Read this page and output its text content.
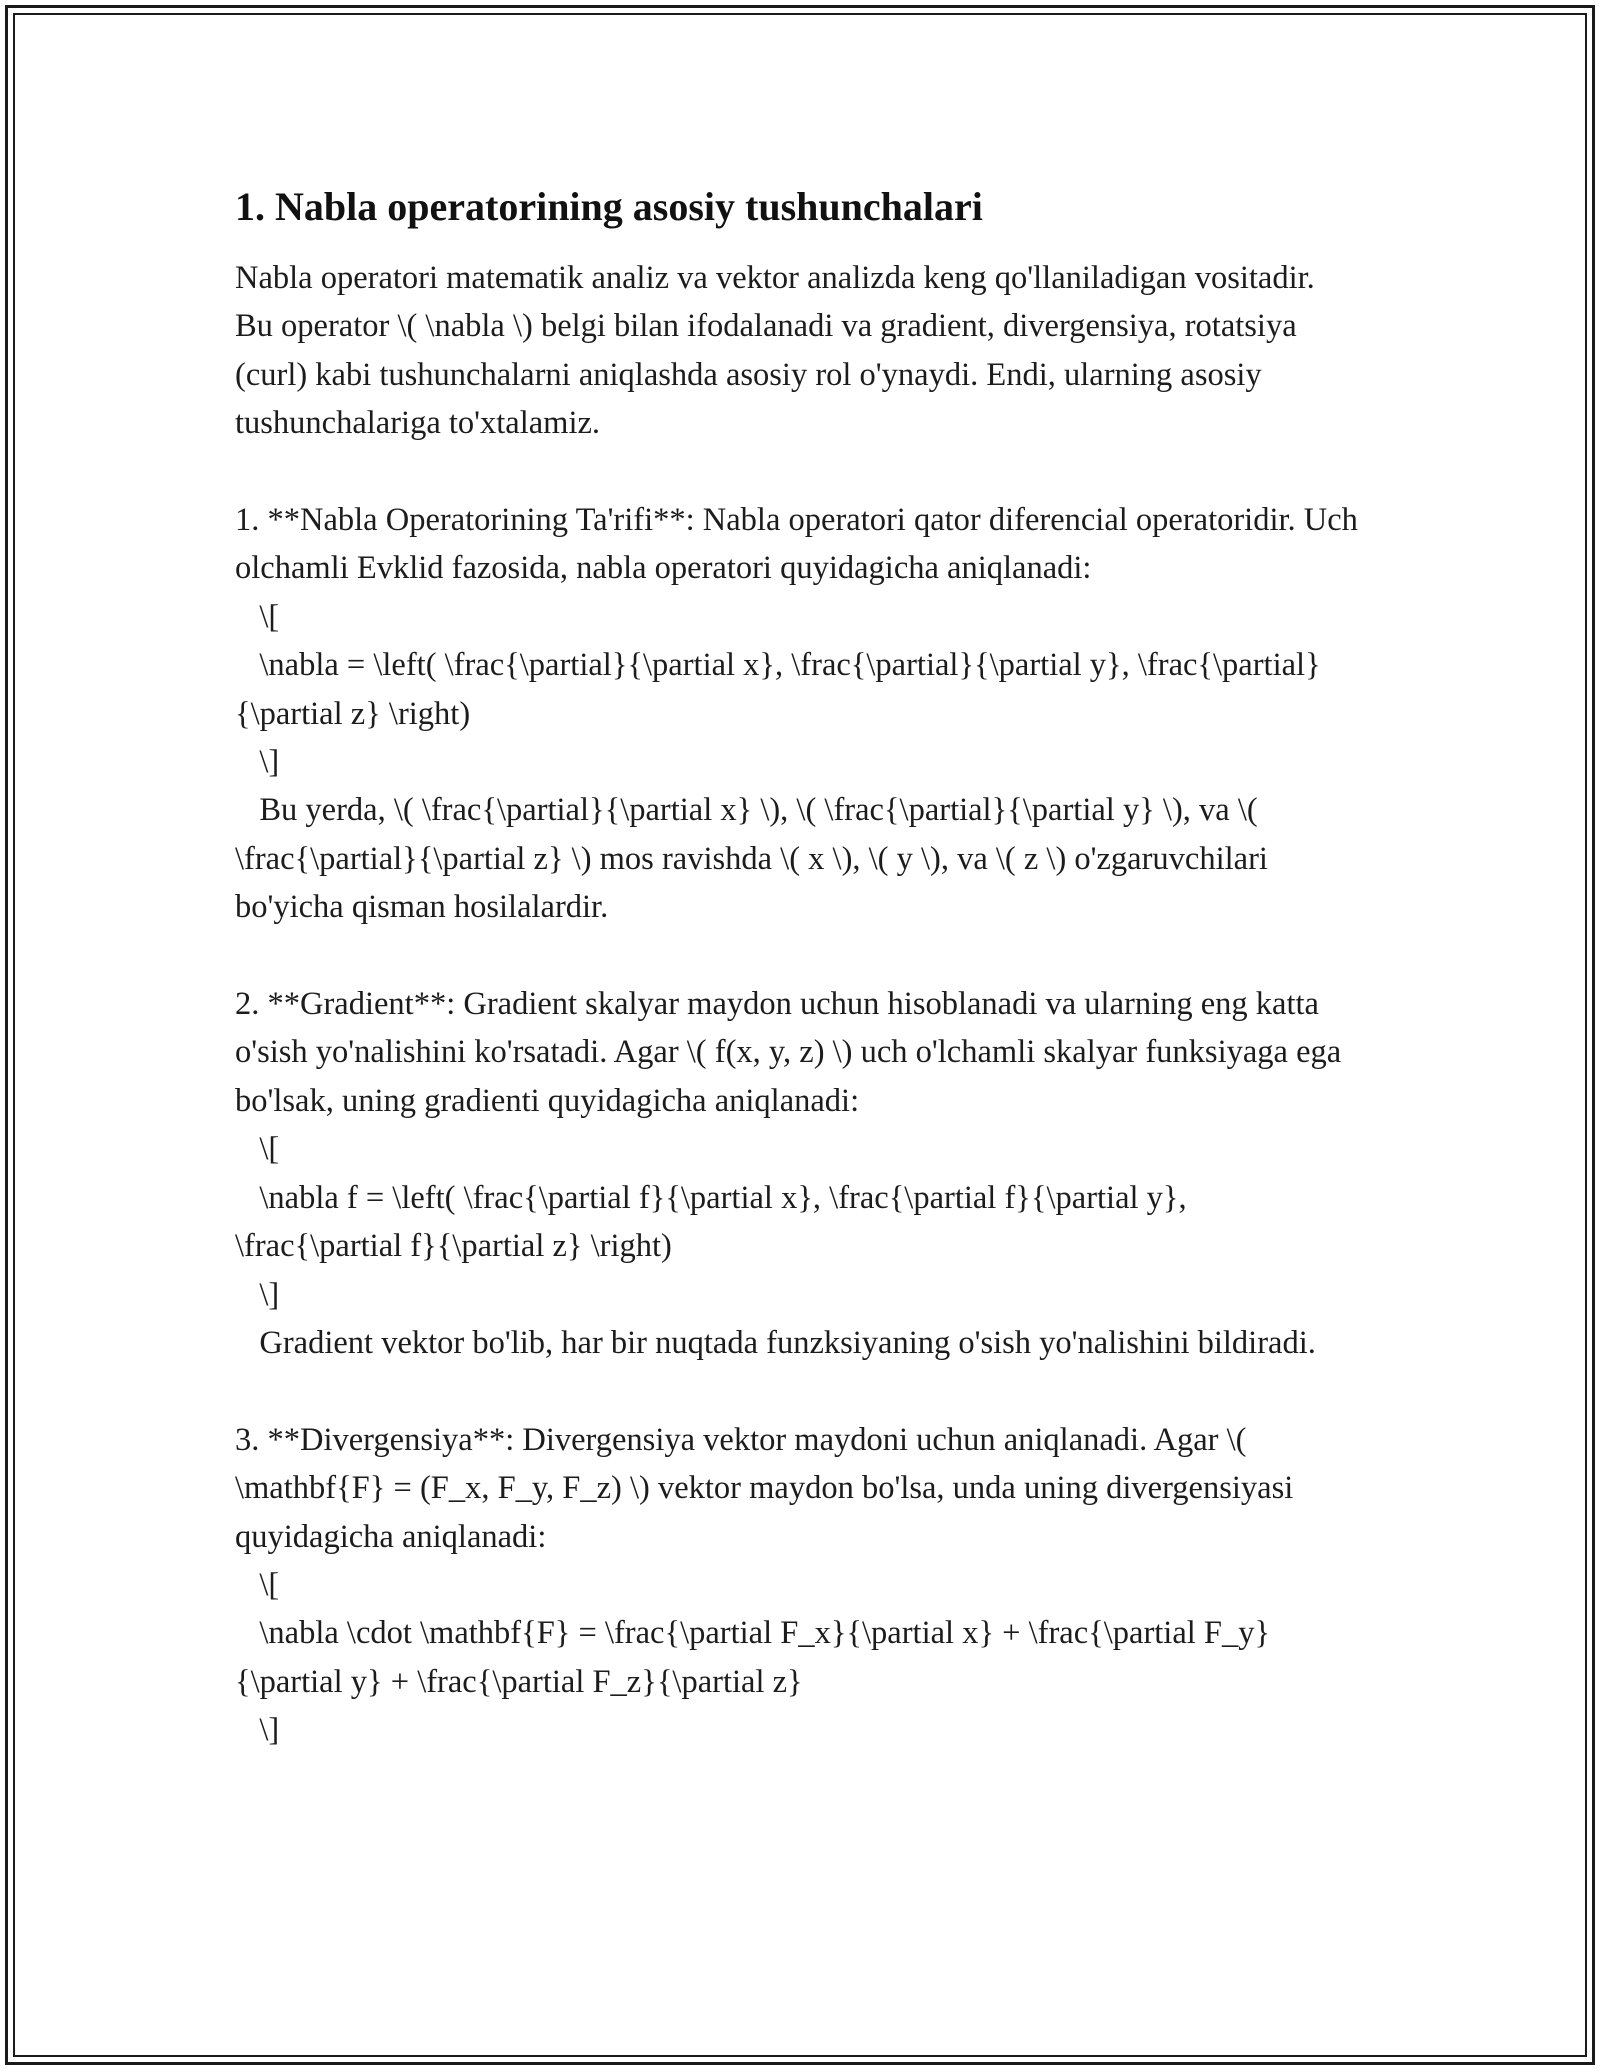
1. Nabla operatorining asosiy tushunchalari

Nabla operatori matematik analiz va vektor analizda keng qo'llaniladigan vositadir. Bu operator \( \nabla \) belgi bilan ifodalanadi va gradient, divergensiya, rotatsiya (curl) kabi tushunchalarni aniqlashda asosiy rol o'ynaydi. Endi, ularning asosiy tushunchalariga to'xtalamiz.

1. **Nabla Operatorining Ta'rifi**: Nabla operatori qator diferencial operatoridir. Uch olchamli Evklid fazosida, nabla operatori quyidagicha aniqlanadi:

\[

\nabla = \left( \frac{\partial}{\partial x}, \frac{\partial}{\partial y}, \frac{\partial}{\partial z} \right)

\]

Bu yerda, \( \frac{\partial}{\partial x} \), \( \frac{\partial}{\partial y} \), va \( \frac{\partial}{\partial z} \) mos ravishda \( x \), \( y \), va \( z \) o'zgaruvchilari bo'yicha qisman hosilalardir.

2. **Gradient**: Gradient skalyar maydon uchun hisoblanadi va ularning eng katta o'sish yo'nalishini ko'rsatadi. Agar \( f(x, y, z) \) uch o'lchamli skalyar funksiyaga ega bo'lsak, uning gradienti quyidagicha aniqlanadi:

\[

\nabla f = \left( \frac{\partial f}{\partial x}, \frac{\partial f}{\partial y}, \frac{\partial f}{\partial z} \right)

\]

Gradient vektor bo'lib, har bir nuqtada funzksiyaning o'sish yo'nalishini bildiradi.

3. **Divergensiya**: Divergensiya vektor maydoni uchun aniqlanadi. Agar \( \mathbf{F} = (F_x, F_y, F_z) \) vektor maydon bo'lsa, unda uning divergensiyasi quyidagicha aniqlanadi:

\[

\nabla \cdot \mathbf{F} = \frac{\partial F_x}{\partial x} + \frac{\partial F_y}{\partial y} + \frac{\partial F_z}{\partial z}

\]
